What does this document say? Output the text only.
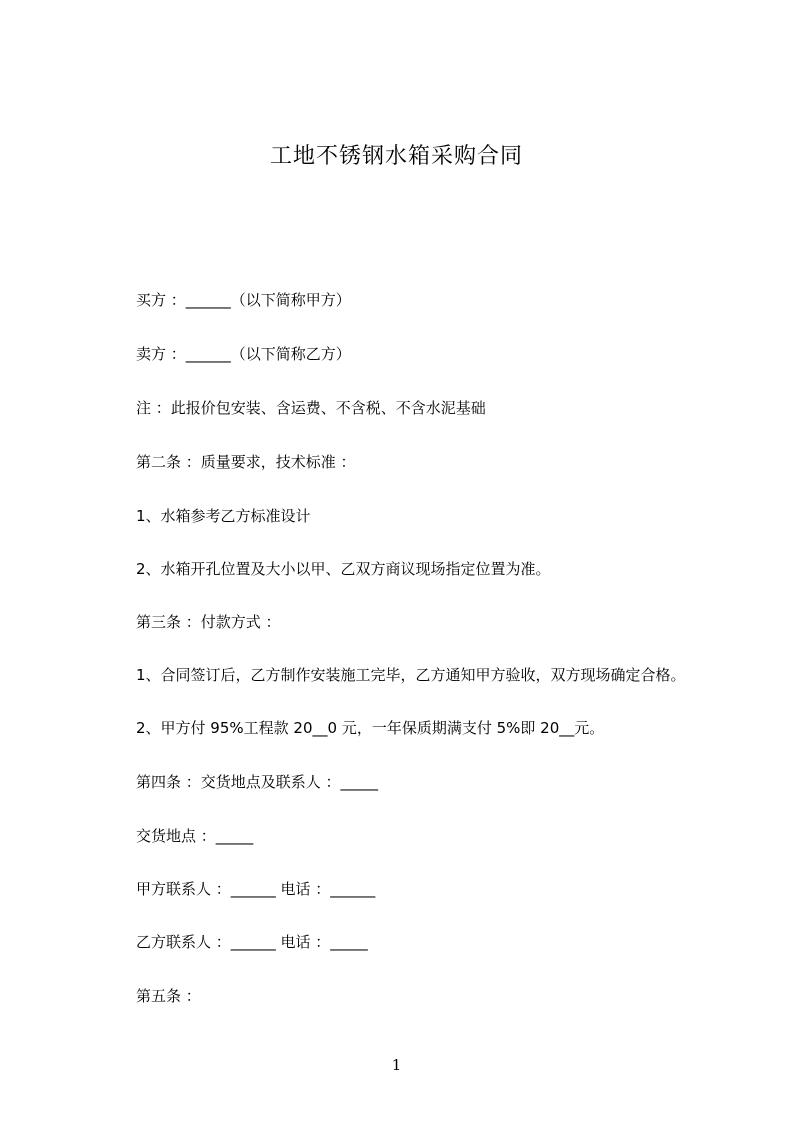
工地不锈钢水箱采购合同
买方 ：______（以下简称甲方）
卖方 ：______（以下简称乙方）
注 ：此报价包安装、含运费、不含税、不含水泥基础
第二条 ：质量要求，技术标准 ：
1、水箱参考乙方标准设计
2、水箱开孔位置及大小以甲、乙双方商议现场指定位置为准。
第三条 ：付款方式 ：
1、合同签订后，乙方制作安装施工完毕，乙方通知甲方验收，双方现场确定合格。
2、甲方付 95%工程款 20__0 元，一年保质期满支付 5%即 20__元。
第四条 ：交货地点及联系人 ：_____
交货地点 ：_____
甲方联系人 ：______ 电话 ：______
乙方联系人 ：______ 电话 ：_____
第五条 ：
1
